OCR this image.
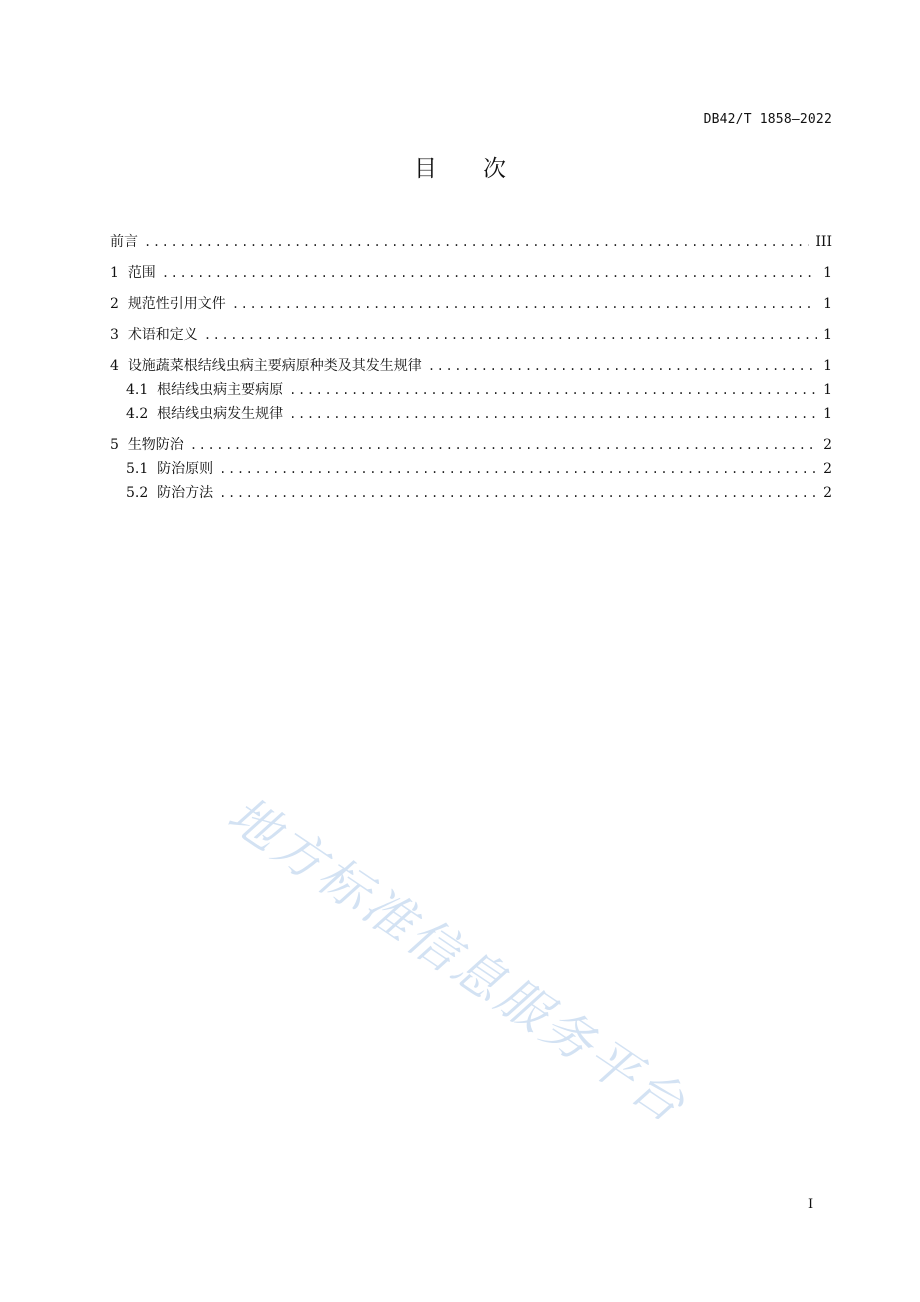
DB42/T 1858—2022
目 次
前言 .....	III
1 范围 .....	1
2 规范性引用文件 .....	1
3 术语和定义 .....	1
4 设施蔬菜根结线虫病主要病原种类及其发生规律 .....	1
4.1 根结线虫病主要病原 .....	1
4.2 根结线虫病发生规律 .....	1
5 生物防治 .....	2
5.1 防治原则 .....	2
5.2 防治方法 .....	2
地方标准信息服务平台
I
